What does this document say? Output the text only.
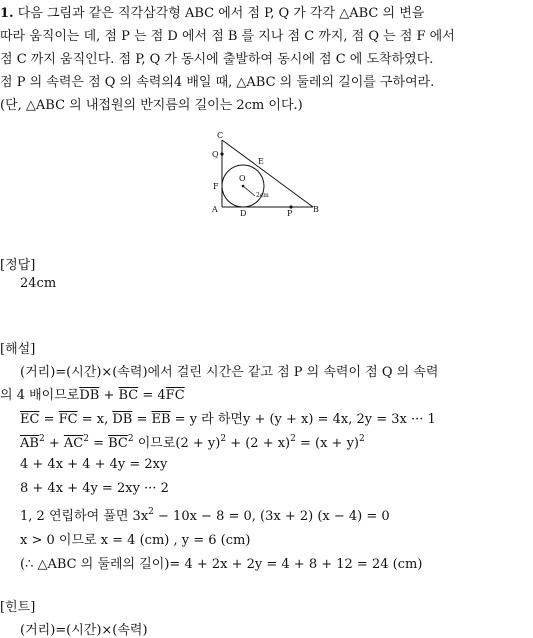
1. 다음 그림과 같은 직각삼각형 ABC 에서 점 P, Q 가 각각 △ABC 의 변을
따라 움직이는 데, 점 P 는 점 D 에서 점 B 를 지나 점 C 까지, 점 Q 는 점 F 에서
점 C 까지 움직인다. 점 P, Q 가 동시에 출발하여 동시에 점 C 에 도착하였다.
점 P 의 속력은 점 Q 의 속력의4 배일 때, △ABC 의 둘레의 길이를 구하여라.
(단, △ABC 의 내접원의 반지름의 길이는 2cm 이다.)
C
Q
E
F
O
2cm
A	D	P	B
[정답]
24cm
[해설]
(거리)=(시간)×(속력)에서 걸린 시간은 같고 점 P 의 속력이 점 Q 의 속력
의 4 배이므로$\overline{DB} + \overline{BC} = 4\overline{FC}$
$\overline{EC} = \overline{FC} = x$, $\overline{DB} = \overline{EB} = y$ 라 하면y + (y + x) = 4x, 2y = 3x ··· 1
$\overline{AB}^2 + \overline{AC}^2 = \overline{BC}^2$ 이므로$(2 + y)^2 + (2 + x)^2 = (x + y)^2$
4 + 4x + 4 + 4y = 2xy
8 + 4x + 4y = 2xy ··· 2
1, 2 연립하여 풀면 $3x^2 - 10x - 8 = 0$, (3x + 2) (x − 4) = 0
x > 0 이므로 x = 4 (cm) , y = 6 (cm)
(∴ △ABC 의 둘레의 길이)= 4 + 2x + 2y = 4 + 8 + 12 = 24 (cm)
[힌트]
(거리)=(시간)×(속력)
